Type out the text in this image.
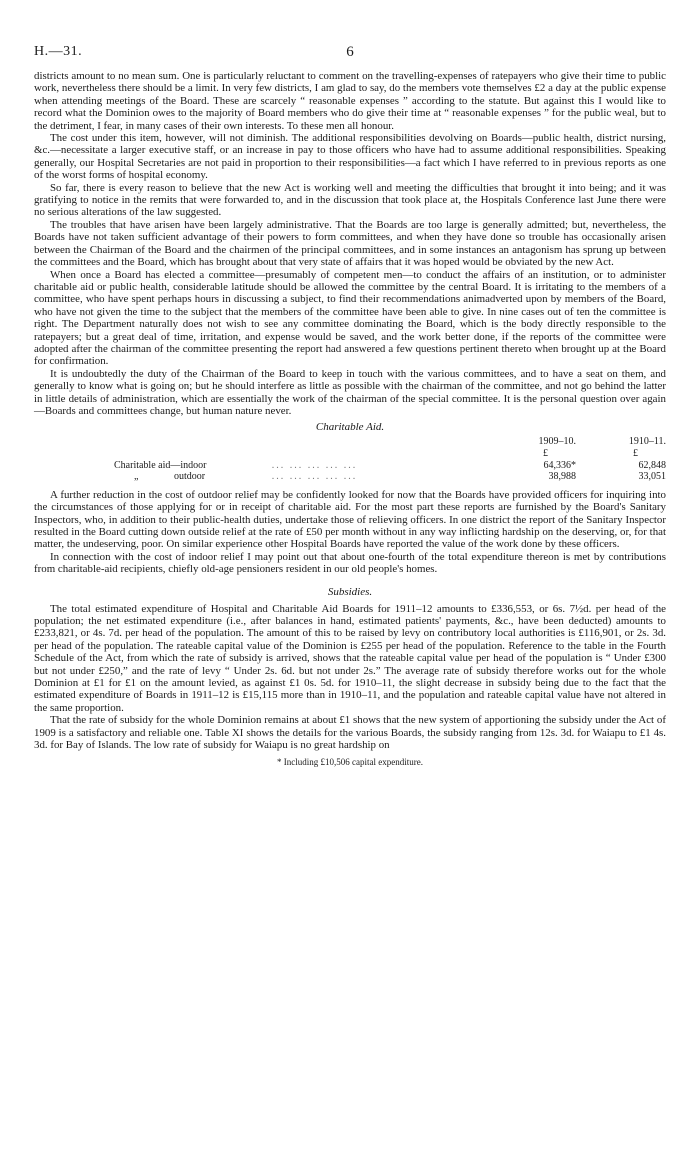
H.—31.	6

districts amount to no mean sum. One is particularly reluctant to comment on the travelling-expenses of ratepayers who give their time to public work, nevertheless there should be a limit. In very few districts, I am glad to say, do the members vote themselves £2 a day at the public expense when attending meetings of the Board. These are scarcely “ reasonable expenses ” according to the statute. But against this I would like to record what the Dominion owes to the majority of Board members who do give their time at “ reasonable expenses ” for the public weal, but to the detriment, I fear, in many cases of their own interests. To these men all honour.

The cost under this item, however, will not diminish. The additional responsibilities devolving on Boards—public health, district nursing, &c.—necessitate a larger executive staff, or an increase in pay to those officers who have had to assume additional responsibilities. Speaking generally, our Hospital Secretaries are not paid in proportion to their responsibilities—a fact which I have referred to in previous reports as one of the worst forms of hospital economy.

So far, there is every reason to believe that the new Act is working well and meeting the difficulties that brought it into being; and it was gratifying to notice in the remits that were forwarded to, and in the discussion that took place at, the Hospitals Conference last June there were no serious alterations of the law suggested.

The troubles that have arisen have been largely administrative. That the Boards are too large is generally admitted; but, nevertheless, the Boards have not taken sufficient advantage of their powers to form committees, and when they have done so trouble has occasionally arisen between the Chairman of the Board and the chairmen of the principal committees, and in some instances an antagonism has sprung up between the committees and the Board, which has brought about that very state of affairs that it was hoped would be obviated by the new Act.

When once a Board has elected a committee—presumably of competent men—to conduct the affairs of an institution, or to administer charitable aid or public health, considerable latitude should be allowed the committee by the central Board. It is irritating to the members of a committee, who have spent perhaps hours in discussing a subject, to find their recommendations animadverted upon by members of the Board, who have not given the time to the subject that the members of the committee have been able to give. In nine cases out of ten the committee is right. The Department naturally does not wish to see any committee dominating the Board, which is the body directly responsible to the ratepayers; but a great deal of time, irritation, and expense would be saved, and the work better done, if the reports of the committee were adopted after the chairman of the committee presenting the report had answered a few questions pertinent thereto when brought up at the Board for confirmation.

It is undoubtedly the duty of the Chairman of the Board to keep in touch with the various committees, and to have a seat on them, and generally to know what is going on; but he should interfere as little as possible with the chairman of the committee, and not go behind the latter in little details of administration, which are essentially the work of the chairman of the special committee. It is the personal question over again—Boards and committees change, but human nature never.

Charitable Aid.
		1909–10.	1910–11.	
		£	£	
Charitable aid—indoor	... ... ... ... ...	64,336*	62,848	
„ outdoor	... ... ... ... ...	38,988	33,051	

A further reduction in the cost of outdoor relief may be confidently looked for now that the Boards have provided officers for inquiring into the circumstances of those applying for or in receipt of charitable aid. For the most part these reports are furnished by the Board's Sanitary Inspectors, who, in addition to their public-health duties, undertake those of relieving officers. In one district the report of the Sanitary Inspector resulted in the Board cutting down outside relief at the rate of £50 per month without in any way inflicting hardship on the deserving, or, for that matter, the undeserving, poor. On similar experience other Hospital Boards have reported the value of the work done by these officers.

In connection with the cost of indoor relief I may point out that about one-fourth of the total expenditure thereon is met by contributions from charitable-aid recipients, chiefly old-age pensioners resident in our old people's homes.

Subsidies.

The total estimated expenditure of Hospital and Charitable Aid Boards for 1911–12 amounts to £336,553, or 6s. 7½d. per head of the population; the net estimated expenditure (i.e., after balances in hand, estimated patients' payments, &c., have been deducted) amounts to £233,821, or 4s. 7d. per head of the population. The amount of this to be raised by levy on contributory local authorities is £116,901, or 2s. 3d. per head of the population. The rateable capital value of the Dominion is £255 per head of the population. Reference to the table in the Fourth Schedule of the Act, from which the rate of subsidy is arrived, shows that the rateable capital value per head of the population is “ Under £300 but not under £250,” and the rate of levy “ Under 2s. 6d. but not under 2s.” The average rate of subsidy therefore works out for the whole Dominion at £1 for £1 on the amount levied, as against £1 0s. 5d. for 1910–11, the slight decrease in subsidy being due to the fact that the estimated expenditure of Boards in 1911–12 is £15,115 more than in 1910–11, and the population and rateable capital value have not altered in the same proportion.

That the rate of subsidy for the whole Dominion remains at about £1 shows that the new system of apportioning the subsidy under the Act of 1909 is a satisfactory and reliable one. Table XI shows the details for the various Boards, the subsidy ranging from 12s. 3d. for Waiapu to £1 4s. 3d. for Bay of Islands. The low rate of subsidy for Waiapu is no great hardship on

* Including £10,506 capital expenditure.
